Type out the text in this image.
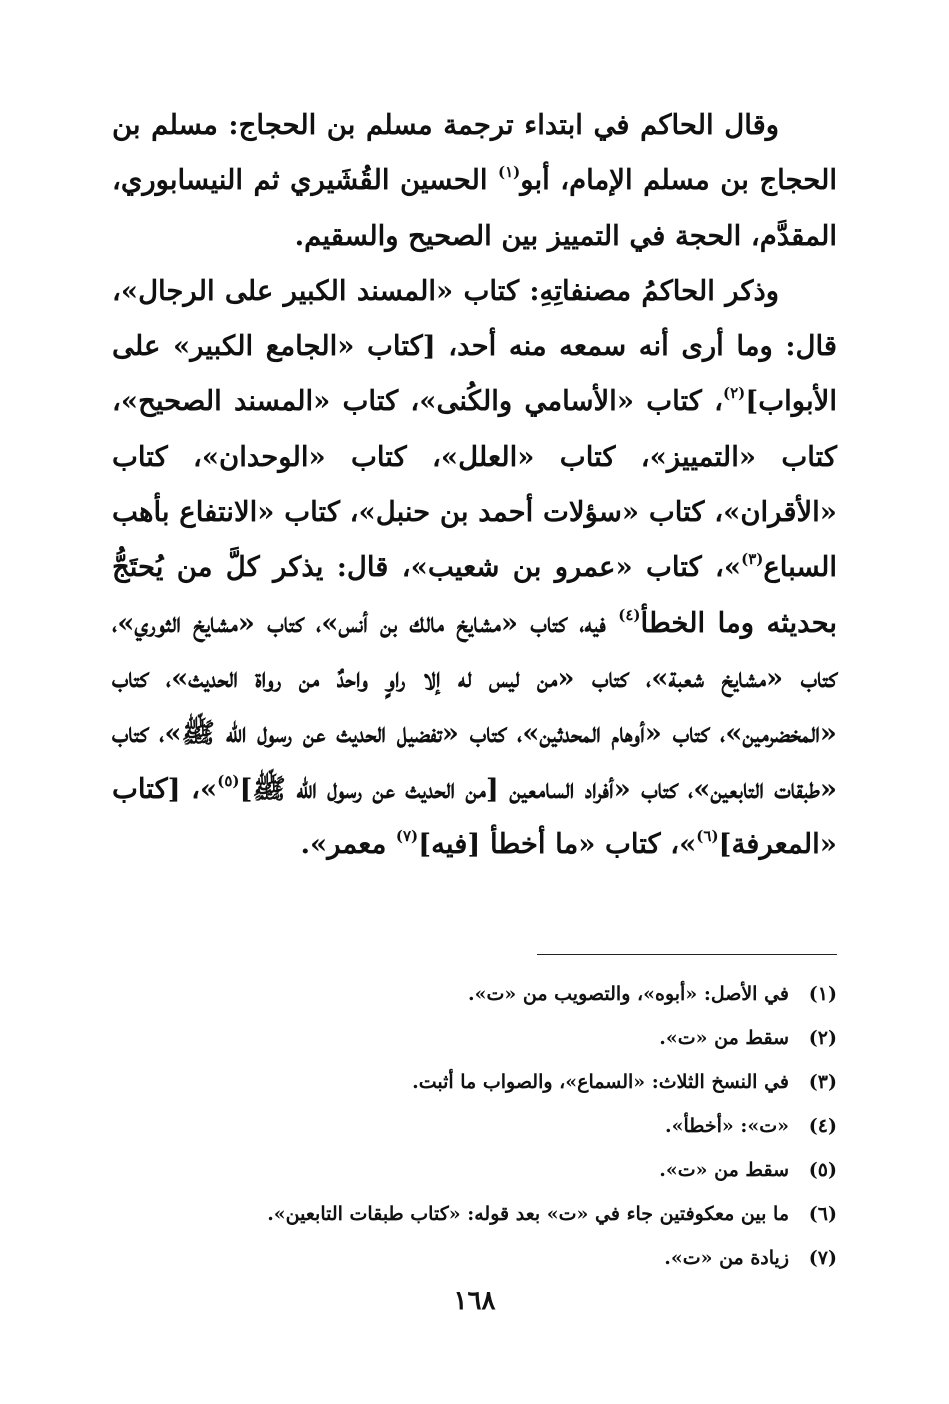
وقال الحاكم في ابتداء ترجمة مسلم بن الحجاج: مسلم بن الحجاج بن مسلم الإمام، أبو$^{(١)}$ الحسين القُشَيري ثم النيسابوري، المقدَّم، الحجة في التمييز بين الصحيح والسقيم.

وذكر الحاكمُ مصنفاتِهِ: كتاب «المسند الكبير على الرجال»، قال: وما أرى أنه سمعه منه أحد، [كتاب «الجامع الكبير» على الأبواب]$^{(٢)}$، كتاب «الأسامي والكُنى»، كتاب «المسند الصحيح»، كتاب «التمييز»، كتاب «العلل»، كتاب «الوحدان»، كتاب «الأقران»، كتاب «سؤلات أحمد بن حنبل»، كتاب «الانتفاع بأهب السباع$^{(٣)}$»، كتاب «عمرو بن شعيب»، قال: يذكر كلَّ من يُحتَجُّ بحديثه وما الخطأ$^{(٤)}$ فيه، كتاب «مشايخ مالك بن أنس»، كتاب «مشايخ الثوري»، كتاب «مشايخ شعبة»، كتاب «من ليس له إلا راوٍ واحدٌ من رواة الحديث»، كتاب «المخضرمين»، كتاب «أوهام المحدثين»، كتاب «تفضيل الحديث عن رسول الله ﷺ»، كتاب «طبقات التابعين»، كتاب «أفراد السامعين [من الحديث عن رسول الله ﷺ]$^{(٥)}$»، [كتاب «المعرفة]$^{(٦)}$»، كتاب «ما أخطأ [فيه]$^{(٧)}$ معمر».

(١)
في الأصل: «أبوه»، والتصويب من «ت».
(٢)
سقط من «ت».
(٣)
في النسخ الثلاث: «السماع»، والصواب ما أثبت.
(٤)
«ت»: «أخطأ».
(٥)
سقط من «ت».
(٦)
ما بين معكوفتين جاء في «ت» بعد قوله: «كتاب طبقات التابعين».
(٧)
زيادة من «ت».
١٦٨
